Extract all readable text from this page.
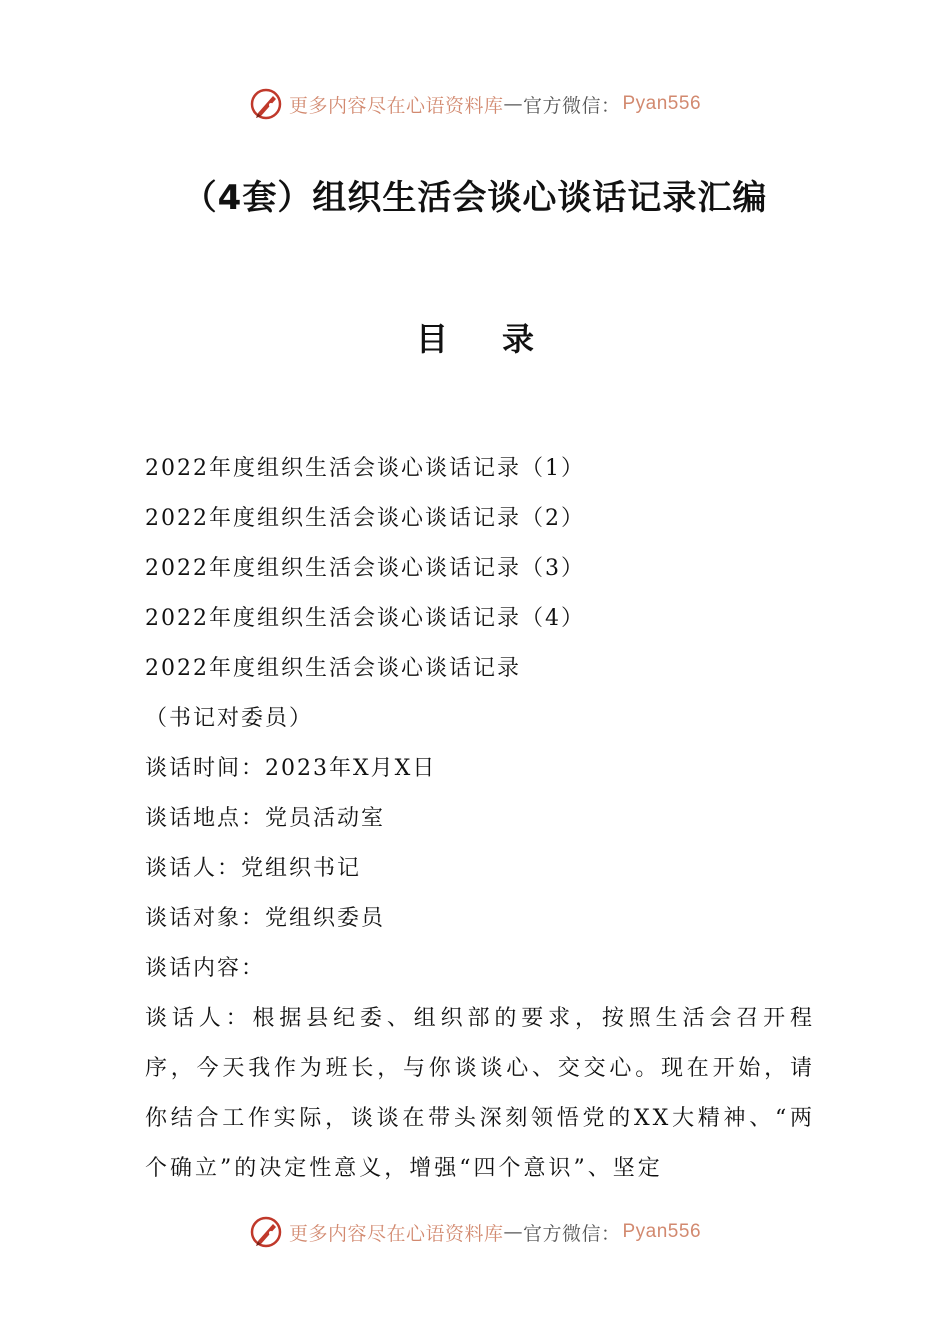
更多内容尽在心语资料库 — 官方微信： Pyan556
（4套）组织生活会谈心谈话记录汇编
目录
2022年度组织生活会谈心谈话记录（1）
2022年度组织生活会谈心谈话记录（2）
2022年度组织生活会谈心谈话记录（3）
2022年度组织生活会谈心谈话记录（4）
2022年度组织生活会谈心谈话记录
（书记对委员）
谈话时间：2023年X月X日
谈话地点：党员活动室
谈话人：党组织书记
谈话对象：党组织委员
谈话内容：
谈话人：根据县纪委、组织部的要求，按照生活会召开程序，今天我作为班长，与你谈谈心、交交心。现在开始，请你结合工作实际，谈谈在带头深刻领悟党的XX大精神、“两个确立”的决定性意义，增强“四个意识”、坚定
更多内容尽在心语资料库 — 官方微信： Pyan556
